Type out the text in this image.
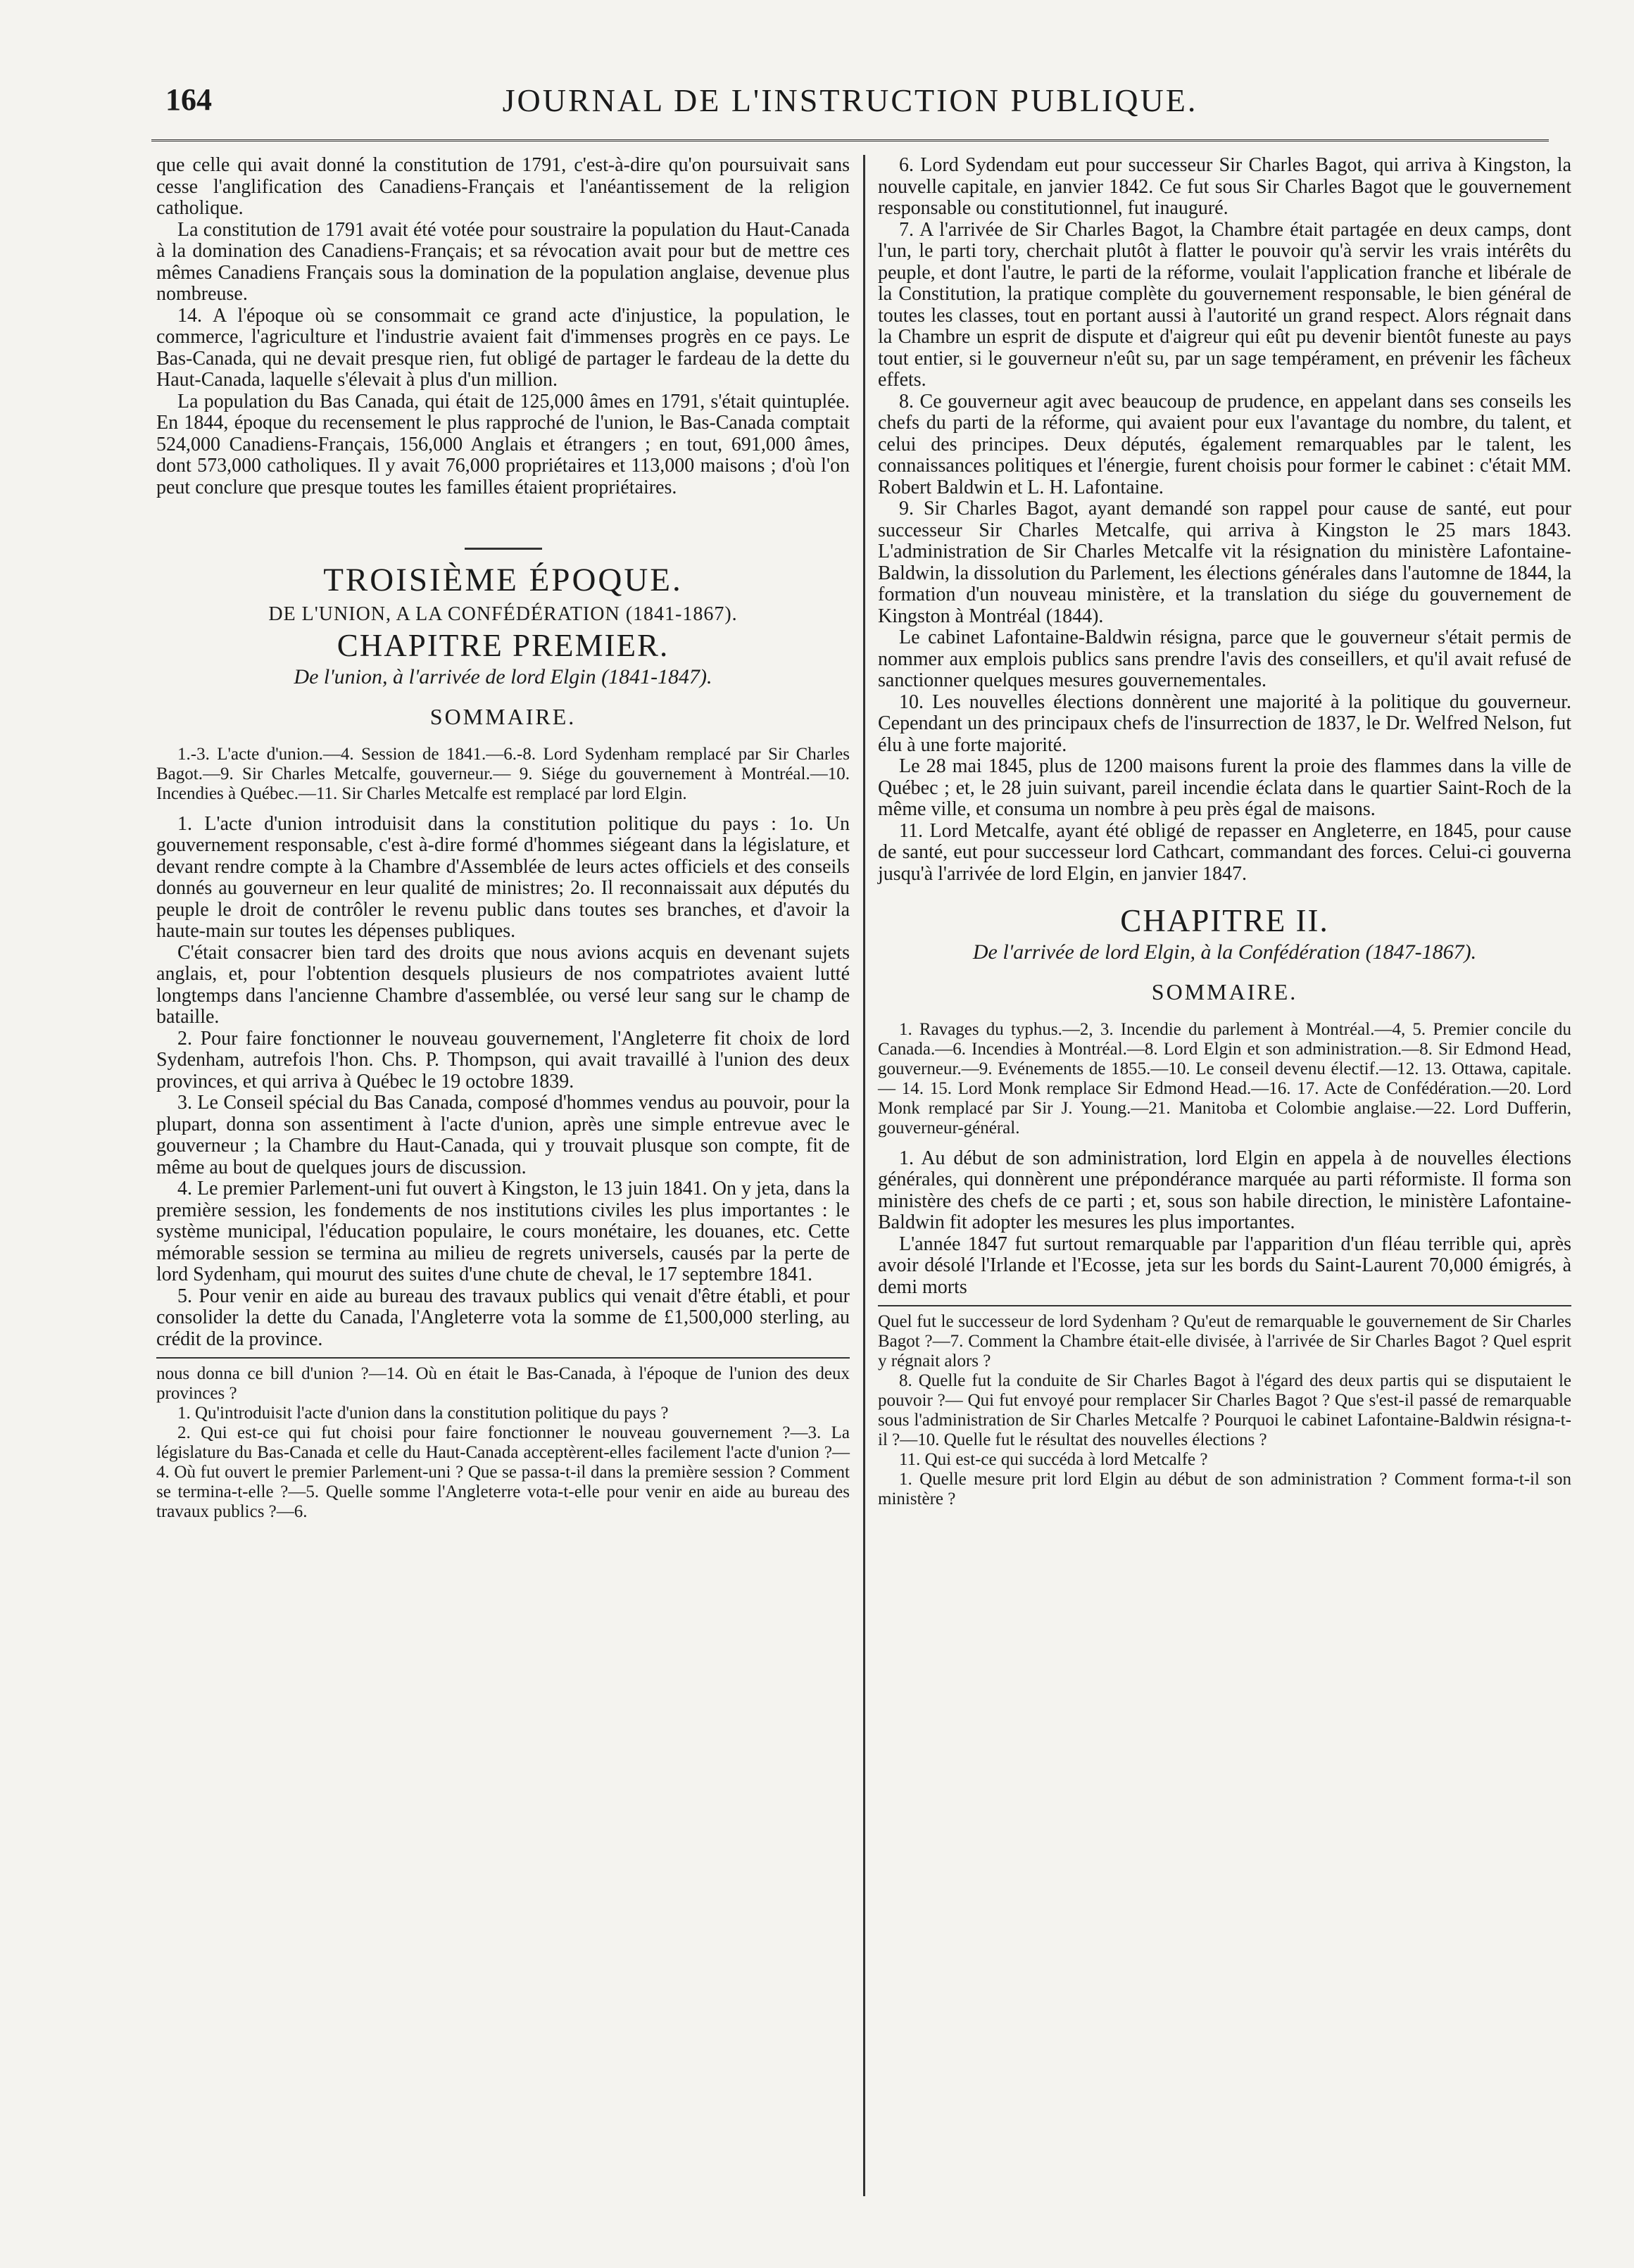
164	JOURNAL DE L'INSTRUCTION PUBLIQUE.

que celle qui avait donné la constitution de 1791, c'est-à-dire qu'on poursuivait sans cesse l'anglification des Canadiens-Français et l'anéantissement de la religion catholique.

La constitution de 1791 avait été votée pour soustraire la population du Haut-Canada à la domination des Canadiens-Français; et sa révocation avait pour but de mettre ces mêmes Canadiens Français sous la domination de la population anglaise, devenue plus nombreuse.

14. A l'époque où se consommait ce grand acte d'injustice, la population, le commerce, l'agriculture et l'industrie avaient fait d'immenses progrès en ce pays. Le Bas-Canada, qui ne devait presque rien, fut obligé de partager le fardeau de la dette du Haut-Canada, laquelle s'élevait à plus d'un million.

La population du Bas Canada, qui était de 125,000 âmes en 1791, s'était quintuplée. En 1844, époque du recensement le plus rapproché de l'union, le Bas-Canada comptait 524,000 Canadiens-Français, 156,000 Anglais et étrangers ; en tout, 691,000 âmes, dont 573,000 catholiques. Il y avait 76,000 propriétaires et 113,000 maisons ; d'où l'on peut conclure que presque toutes les familles étaient propriétaires.

TROISIÈME ÉPOQUE.

DE L'UNION, A LA CONFÉDÉRATION (1841-1867).

CHAPITRE PREMIER.

De l'union, à l'arrivée de lord Elgin (1841-1847).

SOMMAIRE.

1.-3. L'acte d'union.—4. Session de 1841.—6.-8. Lord Sydenham remplacé par Sir Charles Bagot.—9. Sir Charles Metcalfe, gouverneur.— 9. Siége du gouvernement à Montréal.—10. Incendies à Québec.—11. Sir Charles Metcalfe est remplacé par lord Elgin.

1. L'acte d'union introduisit dans la constitution politique du pays : 1o. Un gouvernement responsable, c'est à-dire formé d'hommes siégeant dans la législature, et devant rendre compte à la Chambre d'Assemblée de leurs actes officiels et des conseils donnés au gouverneur en leur qualité de ministres; 2o. Il reconnaissait aux députés du peuple le droit de contrôler le revenu public dans toutes ses branches, et d'avoir la haute-main sur toutes les dépenses publiques.

C'était consacrer bien tard des droits que nous avions acquis en devenant sujets anglais, et, pour l'obtention desquels plusieurs de nos compatriotes avaient lutté longtemps dans l'ancienne Chambre d'assemblée, ou versé leur sang sur le champ de bataille.

2. Pour faire fonctionner le nouveau gouvernement, l'Angleterre fit choix de lord Sydenham, autrefois l'hon. Chs. P. Thompson, qui avait travaillé à l'union des deux provinces, et qui arriva à Québec le 19 octobre 1839.

3. Le Conseil spécial du Bas Canada, composé d'hommes vendus au pouvoir, pour la plupart, donna son assentiment à l'acte d'union, après une simple entrevue avec le gouverneur ; la Chambre du Haut-Canada, qui y trouvait plusque son compte, fit de même au bout de quelques jours de discussion.

4. Le premier Parlement-uni fut ouvert à Kingston, le 13 juin 1841. On y jeta, dans la première session, les fondements de nos institutions civiles les plus importantes : le système municipal, l'éducation populaire, le cours monétaire, les douanes, etc. Cette mémorable session se termina au milieu de regrets universels, causés par la perte de lord Sydenham, qui mourut des suites d'une chute de cheval, le 17 septembre 1841.

5. Pour venir en aide au bureau des travaux publics qui venait d'être établi, et pour consolider la dette du Canada, l'Angleterre vota la somme de £1,500,000 sterling, au crédit de la province.

nous donna ce bill d'union ?—14. Où en était le Bas-Canada, à l'époque de l'union des deux provinces ?

1. Qu'introduisit l'acte d'union dans la constitution politique du pays ?

2. Qui est-ce qui fut choisi pour faire fonctionner le nouveau gouvernement ?—3. La législature du Bas-Canada et celle du Haut-Canada acceptèrent-elles facilement l'acte d'union ?—4. Où fut ouvert le premier Parlement-uni ? Que se passa-t-il dans la première session ? Comment se termina-t-elle ?—5. Quelle somme l'Angleterre vota-t-elle pour venir en aide au bureau des travaux publics ?—6.

6. Lord Sydendam eut pour successeur Sir Charles Bagot, qui arriva à Kingston, la nouvelle capitale, en janvier 1842. Ce fut sous Sir Charles Bagot que le gouvernement responsable ou constitutionnel, fut inauguré.

7. A l'arrivée de Sir Charles Bagot, la Chambre était partagée en deux camps, dont l'un, le parti tory, cherchait plutôt à flatter le pouvoir qu'à servir les vrais intérêts du peuple, et dont l'autre, le parti de la réforme, voulait l'application franche et libérale de la Constitution, la pratique complète du gouvernement responsable, le bien général de toutes les classes, tout en portant aussi à l'autorité un grand respect. Alors régnait dans la Chambre un esprit de dispute et d'aigreur qui eût pu devenir bientôt funeste au pays tout entier, si le gouverneur n'eût su, par un sage tempérament, en prévenir les fâcheux effets.

8. Ce gouverneur agit avec beaucoup de prudence, en appelant dans ses conseils les chefs du parti de la réforme, qui avaient pour eux l'avantage du nombre, du talent, et celui des principes. Deux députés, également remarquables par le talent, les connaissances politiques et l'énergie, furent choisis pour former le cabinet : c'était MM. Robert Baldwin et L. H. Lafontaine.

9. Sir Charles Bagot, ayant demandé son rappel pour cause de santé, eut pour successeur Sir Charles Metcalfe, qui arriva à Kingston le 25 mars 1843. L'administration de Sir Charles Metcalfe vit la résignation du ministère Lafontaine-Baldwin, la dissolution du Parlement, les élections générales dans l'automne de 1844, la formation d'un nouveau ministère, et la translation du siége du gouvernement de Kingston à Montréal (1844).

Le cabinet Lafontaine-Baldwin résigna, parce que le gouverneur s'était permis de nommer aux emplois publics sans prendre l'avis des conseillers, et qu'il avait refusé de sanctionner quelques mesures gouvernementales.

10. Les nouvelles élections donnèrent une majorité à la politique du gouverneur. Cependant un des principaux chefs de l'insurrection de 1837, le Dr. Welfred Nelson, fut élu à une forte majorité.

Le 28 mai 1845, plus de 1200 maisons furent la proie des flammes dans la ville de Québec ; et, le 28 juin suivant, pareil incendie éclata dans le quartier Saint-Roch de la même ville, et consuma un nombre à peu près égal de maisons.

11. Lord Metcalfe, ayant été obligé de repasser en Angleterre, en 1845, pour cause de santé, eut pour successeur lord Cathcart, commandant des forces. Celui-ci gouverna jusqu'à l'arrivée de lord Elgin, en janvier 1847.

CHAPITRE II.

De l'arrivée de lord Elgin, à la Confédération (1847-1867).

SOMMAIRE.

1. Ravages du typhus.—2, 3. Incendie du parlement à Montréal.—4, 5. Premier concile du Canada.—6. Incendies à Montréal.—8. Lord Elgin et son administration.—8. Sir Edmond Head, gouverneur.—9. Evénements de 1855.—10. Le conseil devenu électif.—12. 13. Ottawa, capitale.— 14. 15. Lord Monk remplace Sir Edmond Head.—16. 17. Acte de Confédération.—20. Lord Monk remplacé par Sir J. Young.—21. Manitoba et Colombie anglaise.—22. Lord Dufferin, gouverneur-général.

1. Au début de son administration, lord Elgin en appela à de nouvelles élections générales, qui donnèrent une prépondérance marquée au parti réformiste. Il forma son ministère des chefs de ce parti ; et, sous son habile direction, le ministère Lafontaine-Baldwin fit adopter les mesures les plus importantes.

L'année 1847 fut surtout remarquable par l'apparition d'un fléau terrible qui, après avoir désolé l'Irlande et l'Ecosse, jeta sur les bords du Saint-Laurent 70,000 émigrés, à demi morts

Quel fut le successeur de lord Sydenham ? Qu'eut de remarquable le gouvernement de Sir Charles Bagot ?—7. Comment la Chambre était-elle divisée, à l'arrivée de Sir Charles Bagot ? Quel esprit y régnait alors ?

8. Quelle fut la conduite de Sir Charles Bagot à l'égard des deux partis qui se disputaient le pouvoir ?— Qui fut envoyé pour remplacer Sir Charles Bagot ? Que s'est-il passé de remarquable sous l'administration de Sir Charles Metcalfe ? Pourquoi le cabinet Lafontaine-Baldwin résigna-t-il ?—10. Quelle fut le résultat des nouvelles élections ?

11. Qui est-ce qui succéda à lord Metcalfe ?

1. Quelle mesure prit lord Elgin au début de son administration ? Comment forma-t-il son ministère ?
